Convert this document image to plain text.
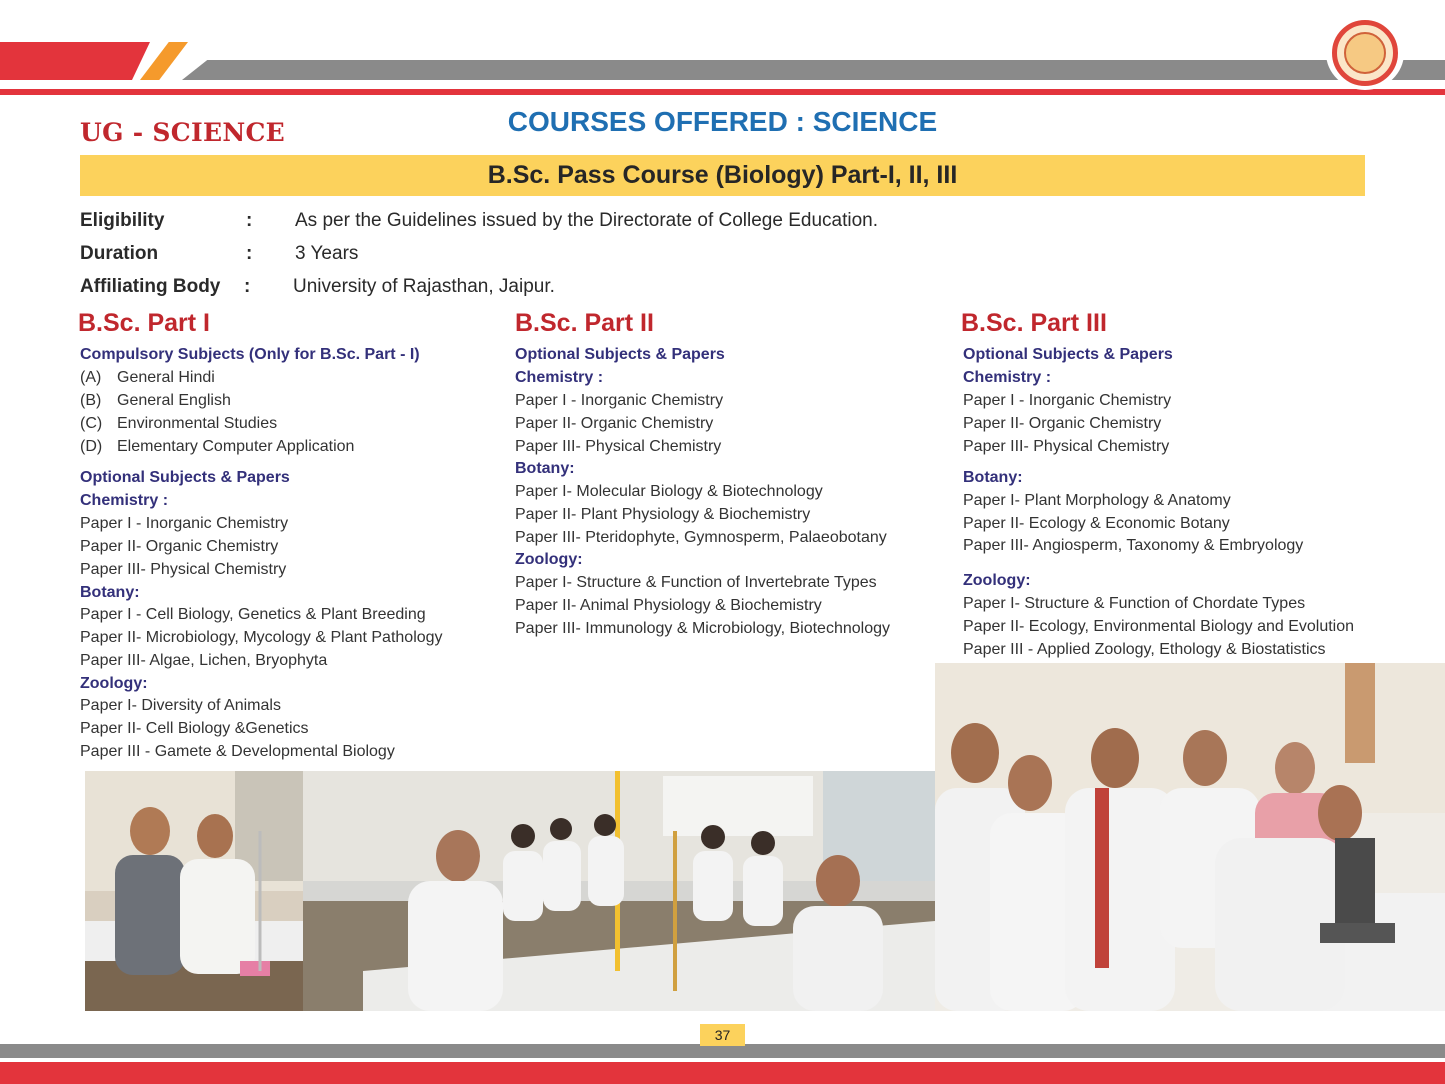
UG - SCIENCE	COURSES OFFERED : SCIENCE
B.Sc. Pass Course (Biology) Part-I, II, III
Eligibility	: As per the Guidelines issued by the Directorate of College Education.
Duration	: 3 Years
Affiliating Body : University of Rajasthan, Jaipur.
B.Sc. Part I
Compulsory Subjects (Only for B.Sc. Part - I)
(A) General Hindi
(B) General English
(C) Environmental Studies
(D) Elementary Computer Application
Optional Subjects & Papers
Chemistry :
Paper I - Inorganic Chemistry
Paper II- Organic Chemistry
Paper III- Physical Chemistry
Botany:
Paper I - Cell Biology, Genetics & Plant Breeding
Paper II- Microbiology, Mycology & Plant Pathology
Paper III- Algae, Lichen, Bryophyta
Zoology:
Paper I- Diversity of Animals
Paper II- Cell Biology &Genetics
Paper III - Gamete & Developmental Biology
B.Sc. Part II
Optional Subjects & Papers
Chemistry :
Paper I - Inorganic Chemistry
Paper II- Organic Chemistry
Paper III- Physical Chemistry
Botany:
Paper I- Molecular Biology & Biotechnology
Paper II- Plant Physiology & Biochemistry
Paper III- Pteridophyte, Gymnosperm, Palaeobotany
Zoology:
Paper I- Structure & Function of Invertebrate Types
Paper II- Animal Physiology & Biochemistry
Paper III- Immunology & Microbiology, Biotechnology
B.Sc. Part III
Optional Subjects & Papers
Chemistry :
Paper I - Inorganic Chemistry
Paper II- Organic Chemistry
Paper III- Physical Chemistry
Botany:
Paper I- Plant Morphology & Anatomy
Paper II- Ecology & Economic Botany
Paper III- Angiosperm, Taxonomy & Embryology
Zoology:
Paper I- Structure & Function of Chordate Types
Paper II- Ecology, Environmental Biology and Evolution
Paper III - Applied Zoology, Ethology & Biostatistics
37
